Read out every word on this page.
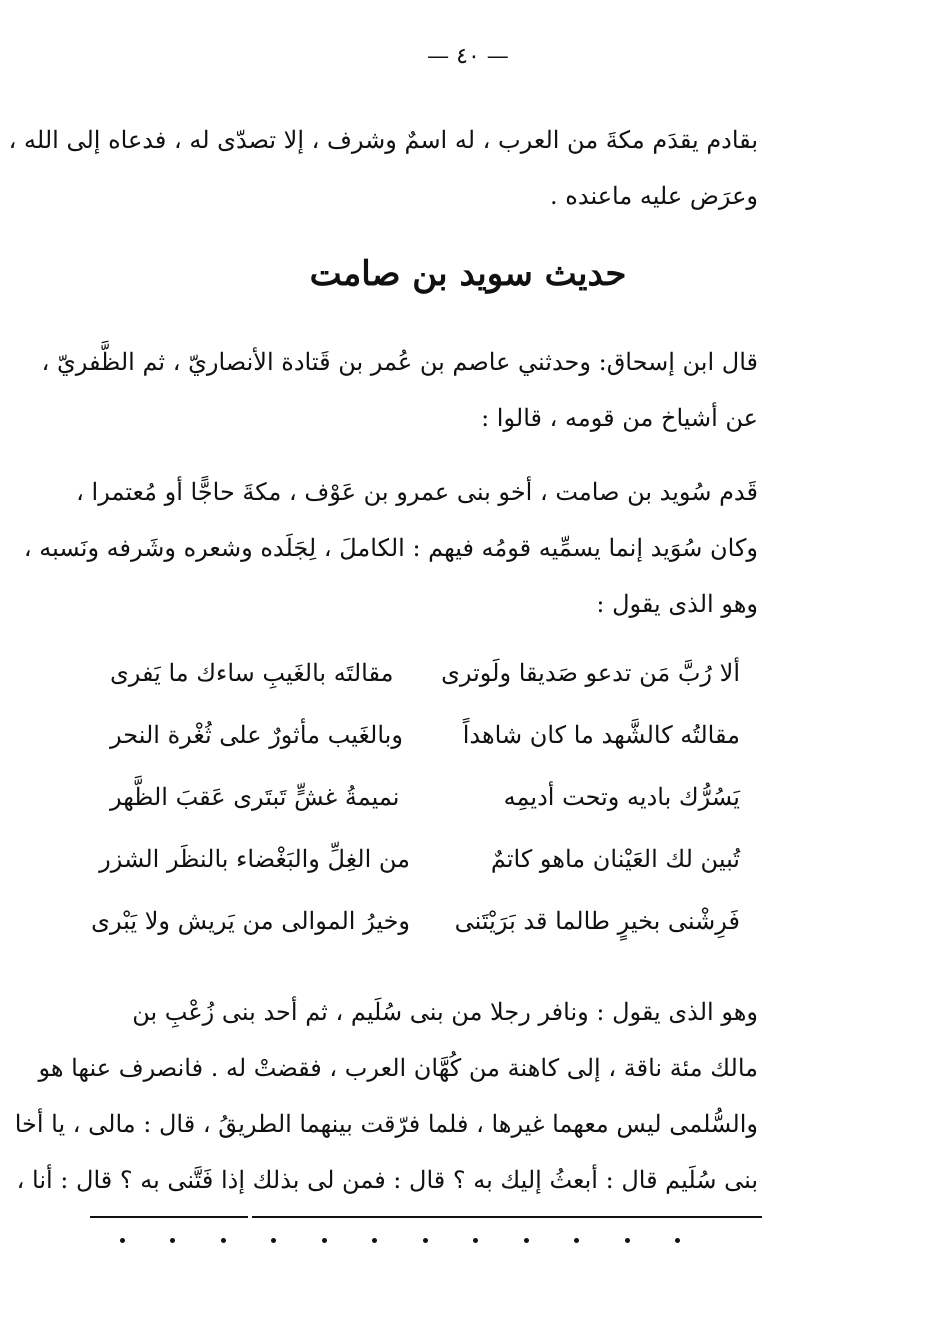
— ٤٠ —
بقادم يقدَم مكةَ من العرب ، له اسمٌ وشرف ، إلا تصدّى له ، فدعاه إلى الله ،
وعرَض عليه ماعنده .
حديث سويد بن صامت
قال ابن إسحاق: وحدثني عاصم بن عُمر بن قَتادة الأنصاريّ ، ثم الظَّفريّ ،
عن أشياخ من قومه ، قالوا :
قَدم سُويد بن صامت ، أخو بنى عمرو بن عَوْف ، مكةَ حاجًّا أو مُعتمرا ،
وكان سُوَيد إنما يسمِّيه قومُه فيهم : الكاملَ ، لِجَلَده وشعره وشَرفه ونَسبه ،
وهو الذى يقول :
ألا رُبَّ مَن تدعو صَديقا ولَوترى
مقالتَه بالغَيبِ ساءك ما يَفرى
مقالتُه كالشَّهد ما كان شاهداً
وبالغَيب مأثورٌ على ثُغْرة النحر
يَسُرُّك باديه وتحت أديمِه
نميمةُ غشٍّ تَبتَرى عَقبَ الظَّهر
تُبين لك العَيْنان ماهو كاتمٌ
من الغِلِّ والبَغْضاء بالنظَر الشزر
فَرِشْنى بخيرٍ طالما قد بَرَيْتَنى
وخيرُ الموالى من يَريش ولا يَبْرى
وهو الذى يقول : ونافر رجلا من بنى سُلَيم ، ثم أحد بنى زُعْبِ بن
مالك مئة ناقة ، إلى كاهنة من كُهَّان العرب ، فقضتْ له . فانصرف عنها هو
والسُّلمى ليس معهما غيرها ، فلما فرّقت بينهما الطريقُ ، قال : مالى ، يا أخا
بنى سُلَيم قال : أبعثُ إليك به ؟ قال : فمن لى بذلك إذا فَتَّنى به ؟ قال : أنا ،
